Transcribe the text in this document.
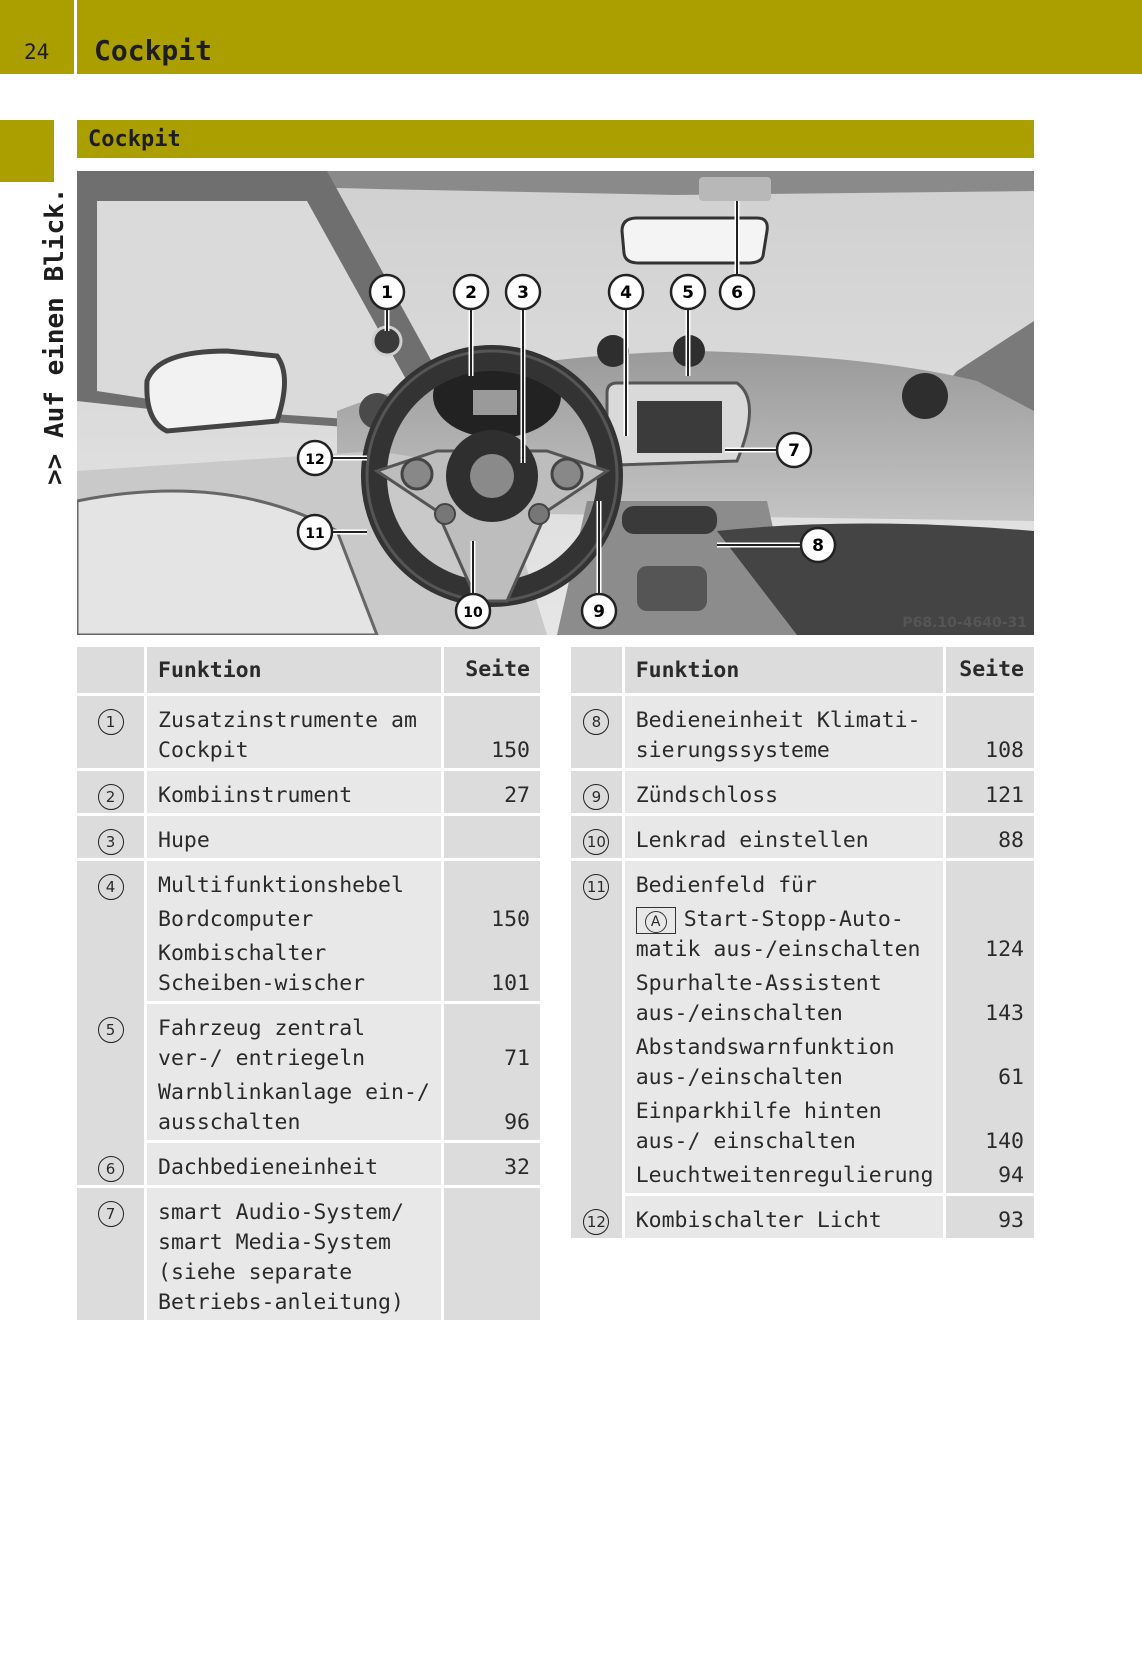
24 Cockpit
>> Auf einen Blick.
Cockpit
1	2 3	4	5 6
7
8
9
10
11
12
P68.10-4640-31
	Funktion	Seite
1	Zusatzinstrumente am Cockpit	150
2	Kombiinstrument	27
3	Hupe	
4	Multifunktionshebel	
	Bordcomputer	150
	Kombischalter Scheiben-wischer	101
5	Fahrzeug zentral ver-/ entriegeln	71
	Warnblinkanlage ein-/ ausschalten	96
6	Dachbedieneinheit	32
7	smart Audio-System/ smart Media-System (siehe separate Betriebs-anleitung)	
	Funktion	Seite
8	Bedieneinheit Klimati-sierungssysteme	108
9	Zündschloss	121
10	Lenkrad einstellen	88
11	Bedienfeld für	
	A Start-Stopp-Auto-matik aus-/einschalten	124
	Spurhalte-Assistent aus-/einschalten	143
	Abstandswarnfunktion aus-/einschalten	61
	Einparkhilfe hinten aus-/ einschalten	140
	Leuchtweitenregulierung	94
12	Kombischalter Licht	93
